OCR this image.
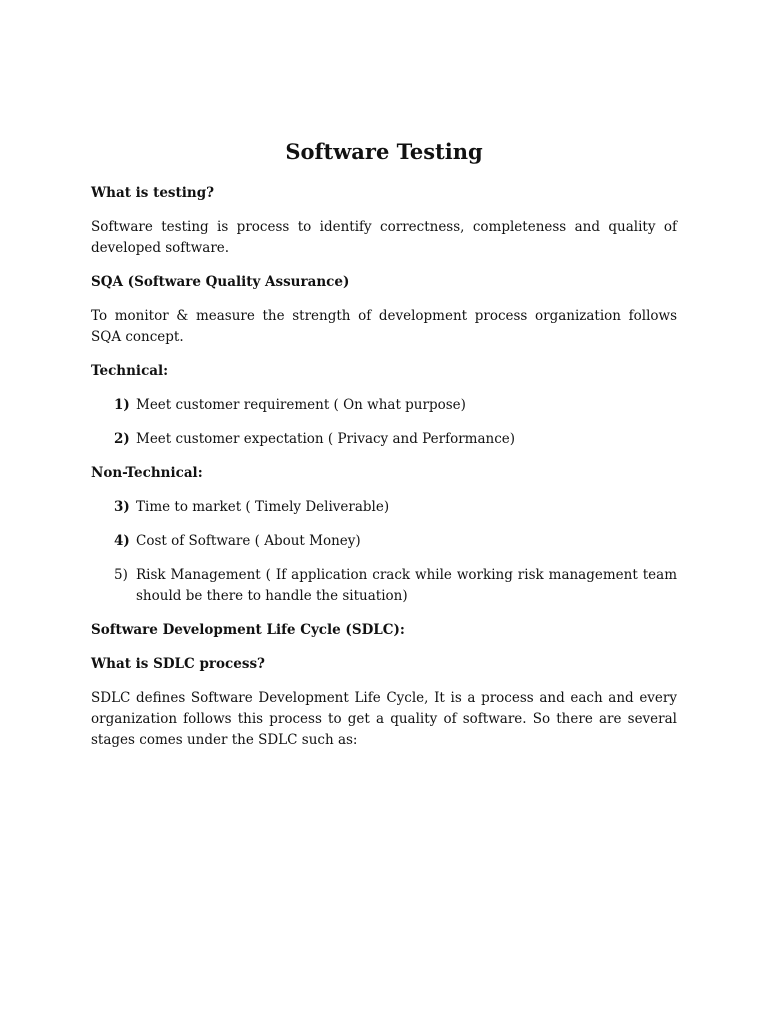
Software Testing
What is testing?
Software testing is process to identify correctness, completeness and quality of developed software.
SQA (Software Quality Assurance)
To monitor & measure the strength of development process organization follows SQA concept.
Technical:
1) Meet customer requirement ( On what purpose)
2) Meet customer expectation ( Privacy and Performance)
Non-Technical:
3) Time to market ( Timely Deliverable)
4) Cost of Software ( About Money)
5) Risk Management ( If application crack while working risk management team should be there to handle the situation)
Software Development Life Cycle (SDLC):
What is SDLC process?
SDLC defines Software Development Life Cycle, It is a process and each and every organization follows this process to get a quality of software. So there are several stages comes under the SDLC such as:
